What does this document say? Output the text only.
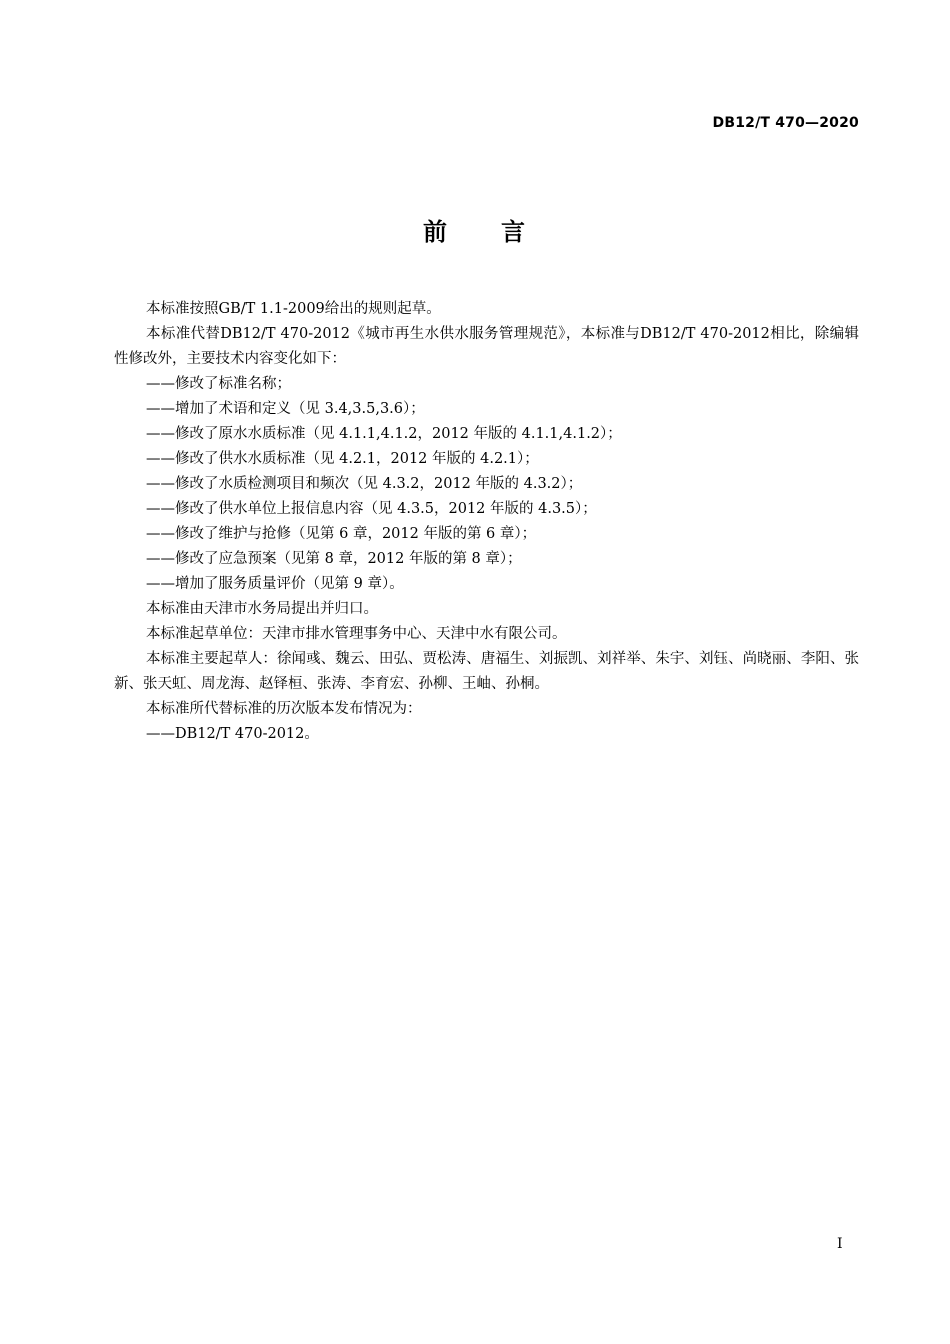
DB12/T 470—2020
前 言

本标准按照GB/T 1.1-2009给出的规则起草。

本标准代替DB12/T 470-2012《城市再生水供水服务管理规范》，本标准与DB12/T 470-2012相比，除编辑性修改外，主要技术内容变化如下：

——修改了标准名称；

——增加了术语和定义（见 3.4,3.5,3.6）；

——修改了原水水质标准（见 4.1.1,4.1.2，2012 年版的 4.1.1,4.1.2）；

——修改了供水水质标准（见 4.2.1，2012 年版的 4.2.1）；

——修改了水质检测项目和频次（见 4.3.2，2012 年版的 4.3.2）；

——修改了供水单位上报信息内容（见 4.3.5，2012 年版的 4.3.5）；

——修改了维护与抢修（见第 6 章，2012 年版的第 6 章）；

——修改了应急预案（见第 8 章，2012 年版的第 8 章）；

——增加了服务质量评价（见第 9 章）。

本标准由天津市水务局提出并归口。

本标准起草单位：天津市排水管理事务中心、天津中水有限公司。

本标准主要起草人：徐闻彧、魏云、田弘、贾松涛、唐福生、刘振凯、刘祥举、朱宇、刘钰、尚晓丽、李阳、张新、张天虹、周龙海、赵铎桓、张涛、李育宏、孙柳、王岫、孙桐。

本标准所代替标准的历次版本发布情况为：

——DB12/T 470-2012。

I
